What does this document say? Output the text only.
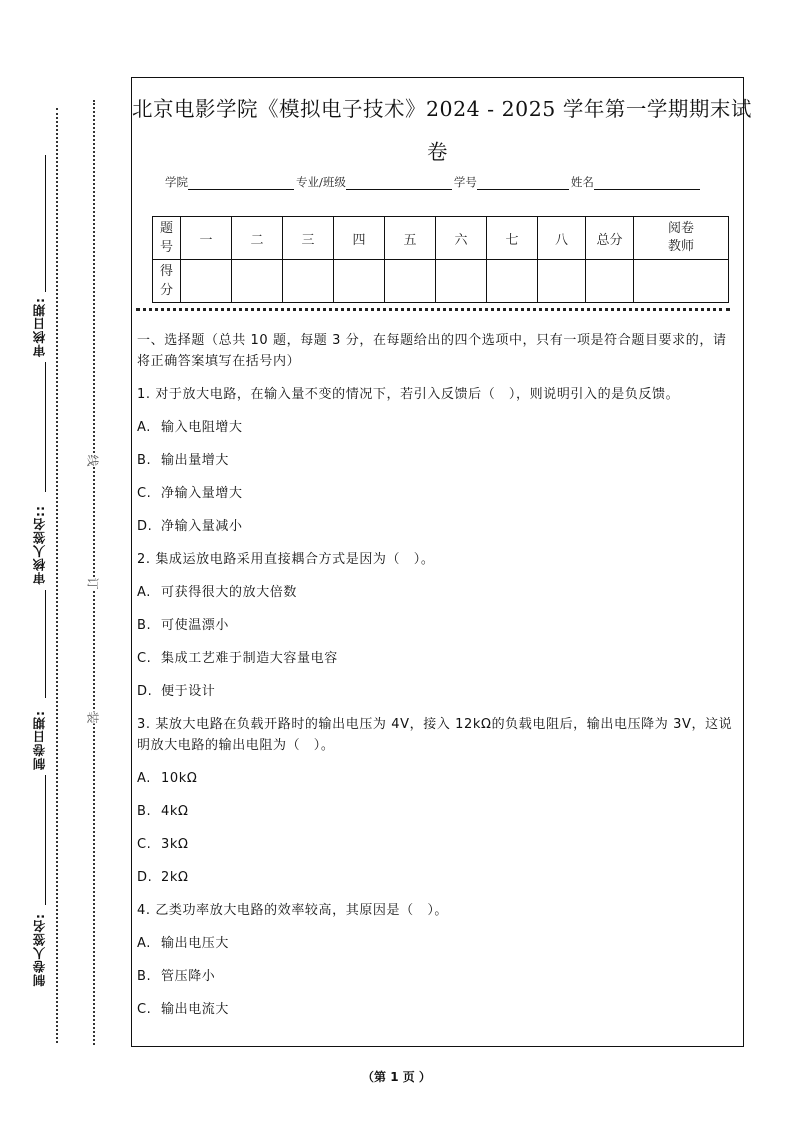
审核日期:
审核人签名::
制卷日期:
制卷人签名:
线
订
装
北京电影学院《模拟电子技术》2024 - 2025 学年第一学期期末试
卷
学院	专业/班级	学号	姓名
题号	一	二	三	四	五	六	七	八	总分	阅卷教师
得分										

一、选择题（总共 10 题，每题 3 分，在每题给出的四个选项中，只有一项是符合题目要求的，请将正确答案填写在括号内）

1. 对于放大电路，在输入量不变的情况下，若引入反馈后（　），则说明引入的是负反馈。

A. 输入电阻增大

B. 输出量增大

C. 净输入量增大

D. 净输入量减小

2. 集成运放电路采用直接耦合方式是因为（　）。

A. 可获得很大的放大倍数

B. 可使温漂小

C. 集成工艺难于制造大容量电容

D. 便于设计

3. 某放大电路在负载开路时的输出电压为 4V，接入 12kΩ的负载电阻后，输出电压降为 3V，这说明放大电路的输出电阻为（　）。

A. 10kΩ

B. 4kΩ

C. 3kΩ

D. 2kΩ

4. 乙类功率放大电路的效率较高，其原因是（　）。

A. 输出电压大

B. 管压降小

C. 输出电流大

（第 1 页 ）
